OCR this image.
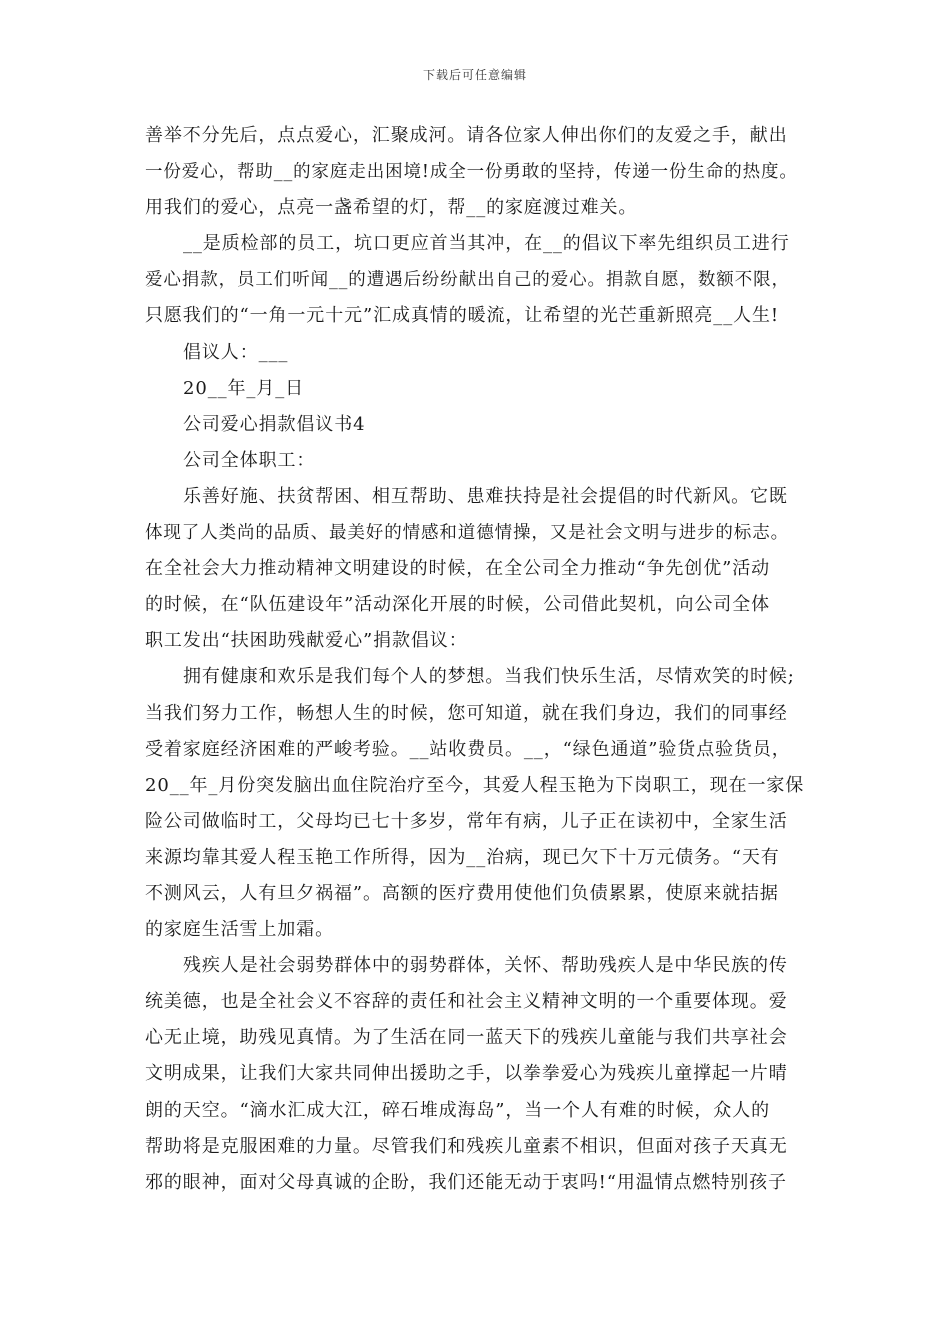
下载后可任意编辑
善举不分先后，点点爱心，汇聚成河。请各位家人伸出你们的友爱之手，献出
一份爱心，帮助__的家庭走出困境!成全一份勇敢的坚持，传递一份生命的热度。
用我们的爱心，点亮一盏希望的灯，帮__的家庭渡过难关。
__是质检部的员工，坑口更应首当其冲，在__的倡议下率先组织员工进行
爱心捐款，员工们听闻__的遭遇后纷纷献出自己的爱心。捐款自愿，数额不限，
只愿我们的“一角一元十元”汇成真情的暖流，让希望的光芒重新照亮__人生!
倡议人：___
20__年_月_日
公司爱心捐款倡议书4
公司全体职工：
乐善好施、扶贫帮困、相互帮助、患难扶持是社会提倡的时代新风。它既
体现了人类尚的品质、最美好的情感和道德情操，又是社会文明与进步的标志。
在全社会大力推动精神文明建设的时候，在全公司全力推动“争先创优”活动
的时候，在“队伍建设年”活动深化开展的时候，公司借此契机，向公司全体
职工发出“扶困助残献爱心”捐款倡议：
拥有健康和欢乐是我们每个人的梦想。当我们快乐生活，尽情欢笑的时候;
当我们努力工作，畅想人生的时候，您可知道，就在我们身边，我们的同事经
受着家庭经济困难的严峻考验。__站收费员。__，“绿色通道”验货点验货员，
20__年_月份突发脑出血住院治疗至今，其爱人程玉艳为下岗职工，现在一家保
险公司做临时工，父母均已七十多岁，常年有病，儿子正在读初中，全家生活
来源均靠其爱人程玉艳工作所得，因为__治病，现已欠下十万元债务。“天有
不测风云，人有旦夕祸福”。高额的医疗费用使他们负债累累，使原来就拮据
的家庭生活雪上加霜。
残疾人是社会弱势群体中的弱势群体，关怀、帮助残疾人是中华民族的传
统美德，也是全社会义不容辞的责任和社会主义精神文明的一个重要体现。爱
心无止境，助残见真情。为了生活在同一蓝天下的残疾儿童能与我们共享社会
文明成果，让我们大家共同伸出援助之手，以拳拳爱心为残疾儿童撑起一片晴
朗的天空。“滴水汇成大江，碎石堆成海岛”，当一个人有难的时候，众人的
帮助将是克服困难的力量。尽管我们和残疾儿童素不相识，但面对孩子天真无
邪的眼神，面对父母真诚的企盼，我们还能无动于衷吗!“用温情点燃特别孩子
